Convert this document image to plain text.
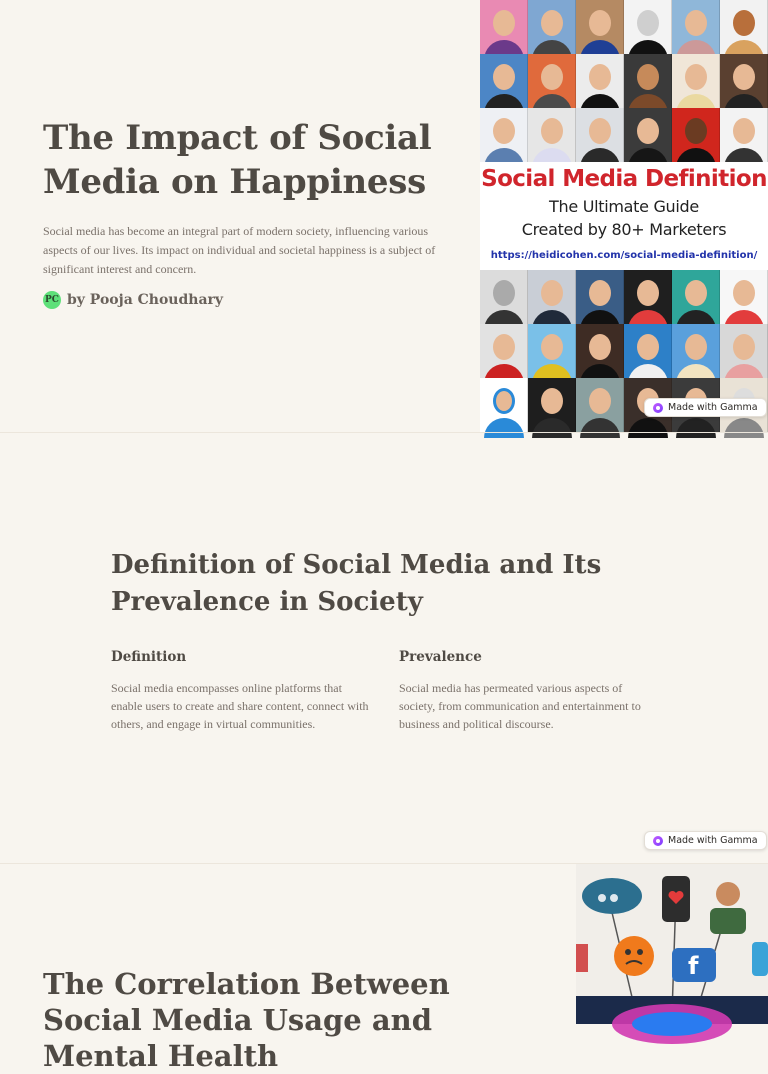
The Impact of Social Media on Happiness

Social media has become an integral part of modern society, influencing various aspects of our lives. Its impact on individual and societal happiness is a subject of significant interest and concern.

PC by Pooja Choudhary
Social Media Definition
The Ultimate Guide
Created by 80+ Marketers
https://heidicohen.com/social-media-definition/
Made with Gamma
Definition of Social Media and Its Prevalence in Society
Definition

Social media encompasses online platforms that enable users to create and share content, connect with others, and engage in virtual communities.

Prevalence

Social media has permeated various aspects of society, from communication and entertainment to business and political discourse.

Made with Gamma
The Correlation Between Social Media Usage and Mental Health
f
